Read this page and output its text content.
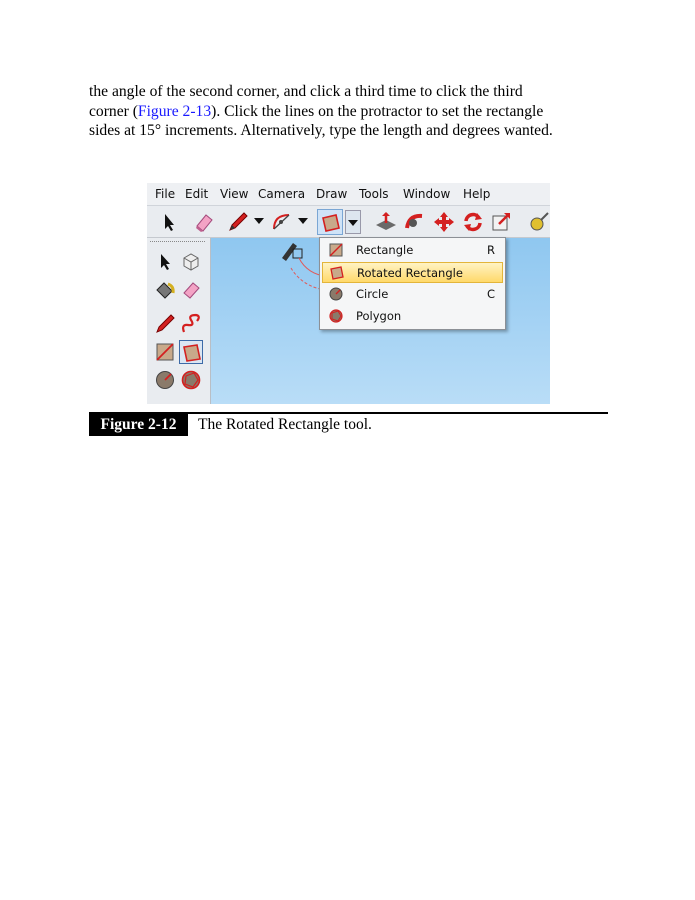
the angle of the second corner, and click a third time to click the third
corner (Figure 2-13). Click the lines on the protractor to set the rectangle
sides at 15° increments. Alternatively, type the length and degrees wanted.

File Edit View Camera Draw Tools Window Help
Rectangle	R
Rotated Rectangle
Circle	C
Polygon
Figure 2-12	The Rotated Rectangle tool.
